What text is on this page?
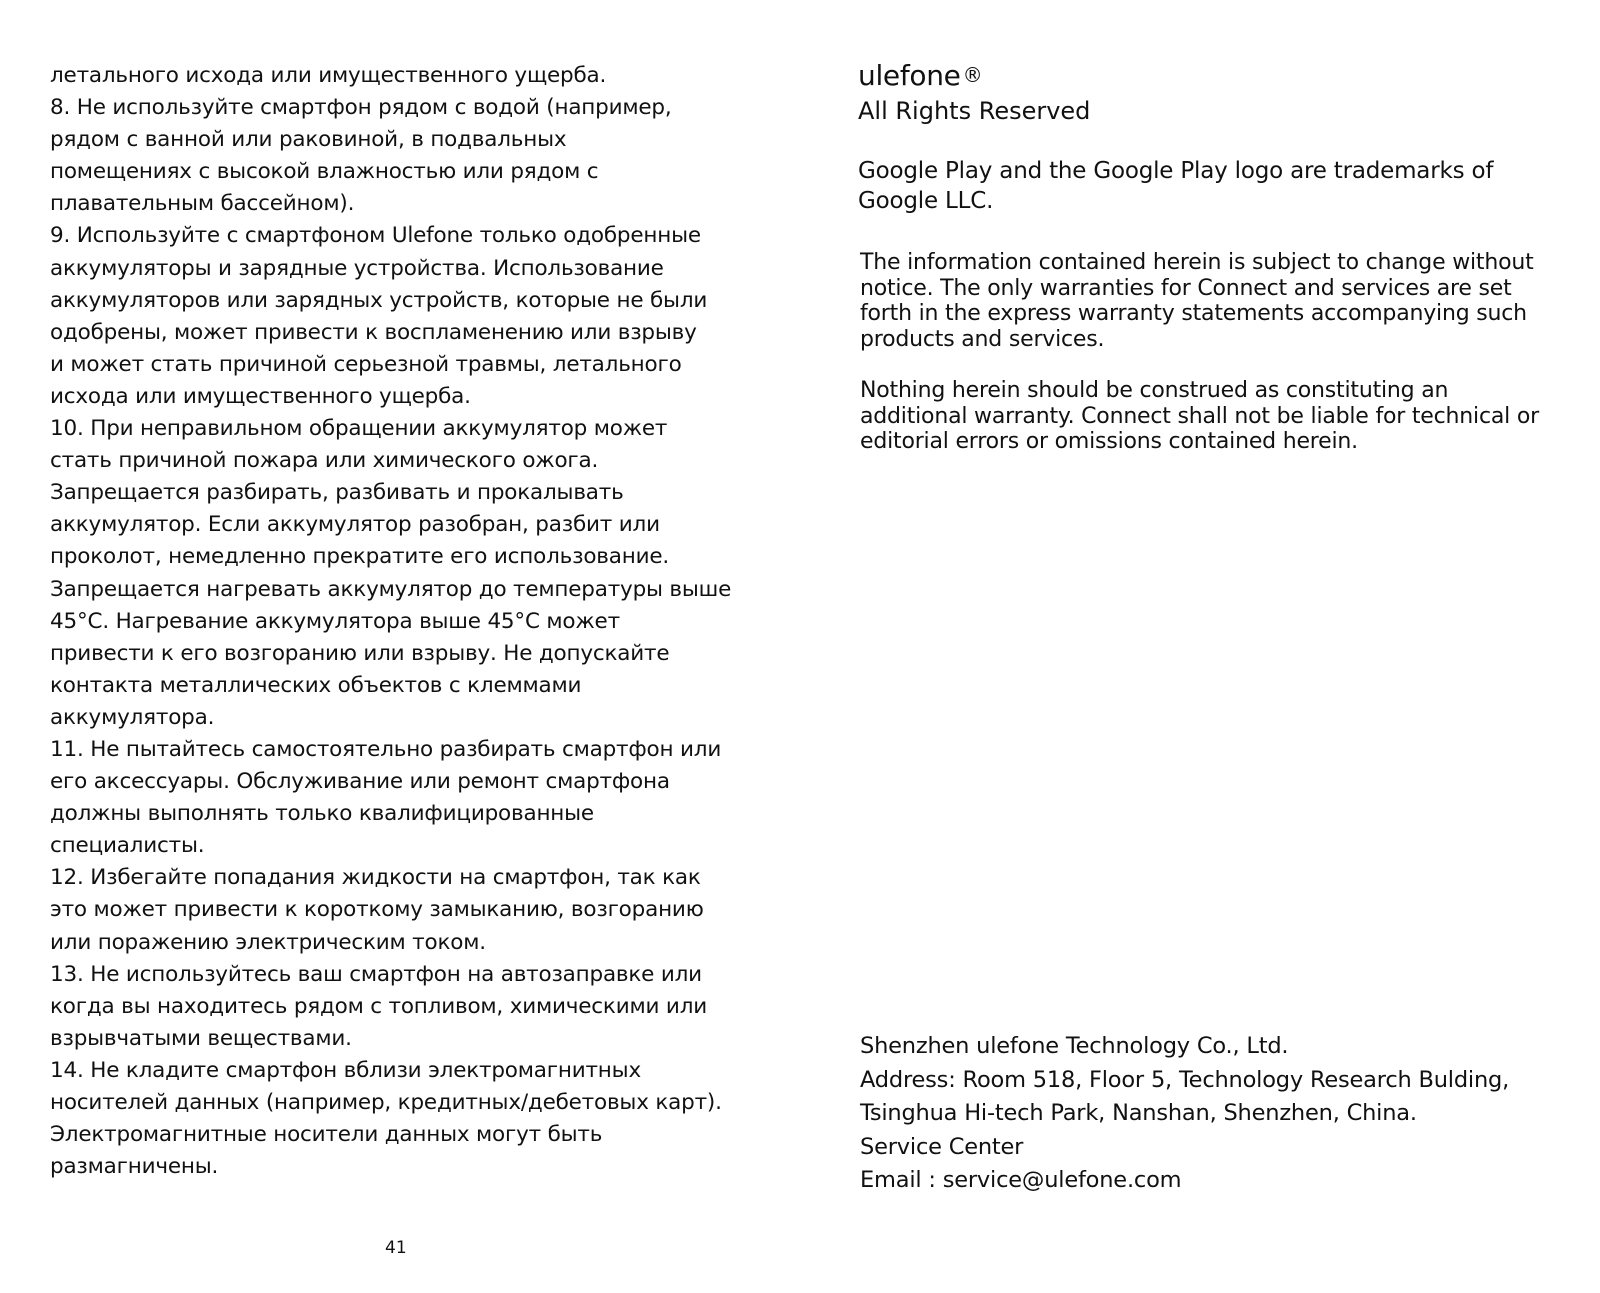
летального исхода или имущественного ущерба.
8. Не используйте смартфон рядом с водой (например,
рядом с ванной или раковиной, в подвальных
помещениях с высокой влажностью или рядом с
плавательным бассейном).
9. Используйте с смартфоном Ulefone только одобренные
аккумуляторы и зарядные устройства. Использование
аккумуляторов или зарядных устройств, которые не были
одобрены, может привести к воспламенению или взрыву
и может стать причиной серьезной травмы, летального
исхода или имущественного ущерба.
10. При неправильном обращении аккумулятор может
стать причиной пожара или химического ожога.
Запрещается разбирать, разбивать и прокалывать
аккумулятор. Если аккумулятор разобран, разбит или
проколот, немедленно прекратите его использование.
Запрещается нагревать аккумулятор до температуры выше
45°C. Нагревание аккумулятора выше 45°C может
привести к его возгоранию или взрыву. Не допускайте
контакта металлических объектов с клеммами
аккумулятора.
11. Не пытайтесь самостоятельно разбирать смартфон или
его аксессуары. Обслуживание или ремонт смартфона
должны выполнять только квалифицированные
специалисты.
12. Избегайте попадания жидкости на смартфон, так как
это может привести к короткому замыканию, возгоранию
или поражению электрическим током.
13. Не используйтесь ваш смартфон на автозаправке или
когда вы находитесь рядом с топливом, химическими или
взрывчатыми веществами.
14. Не кладите смартфон вблизи электромагнитных
носителей данных (например, кредитных/дебетовых карт).
Электромагнитные носители данных могут быть
размагничены.
41
ulefone ®
All Rights Reserved
Google Play and the Google Play logo are trademarks of Google LLC.
The information contained herein is subject to change without notice. The only warranties for Connect and services are set forth in the express warranty statements accompanying such products and services.
Nothing herein should be construed as constituting an additional warranty. Connect shall not be liable for technical or editorial errors or omissions contained herein.
Shenzhen ulefone Technology Co., Ltd.
Address: Room 518, Floor 5, Technology Research Bulding,
Tsinghua Hi-tech Park, Nanshan, Shenzhen, China.
Service Center
Email : service@ulefone.com
